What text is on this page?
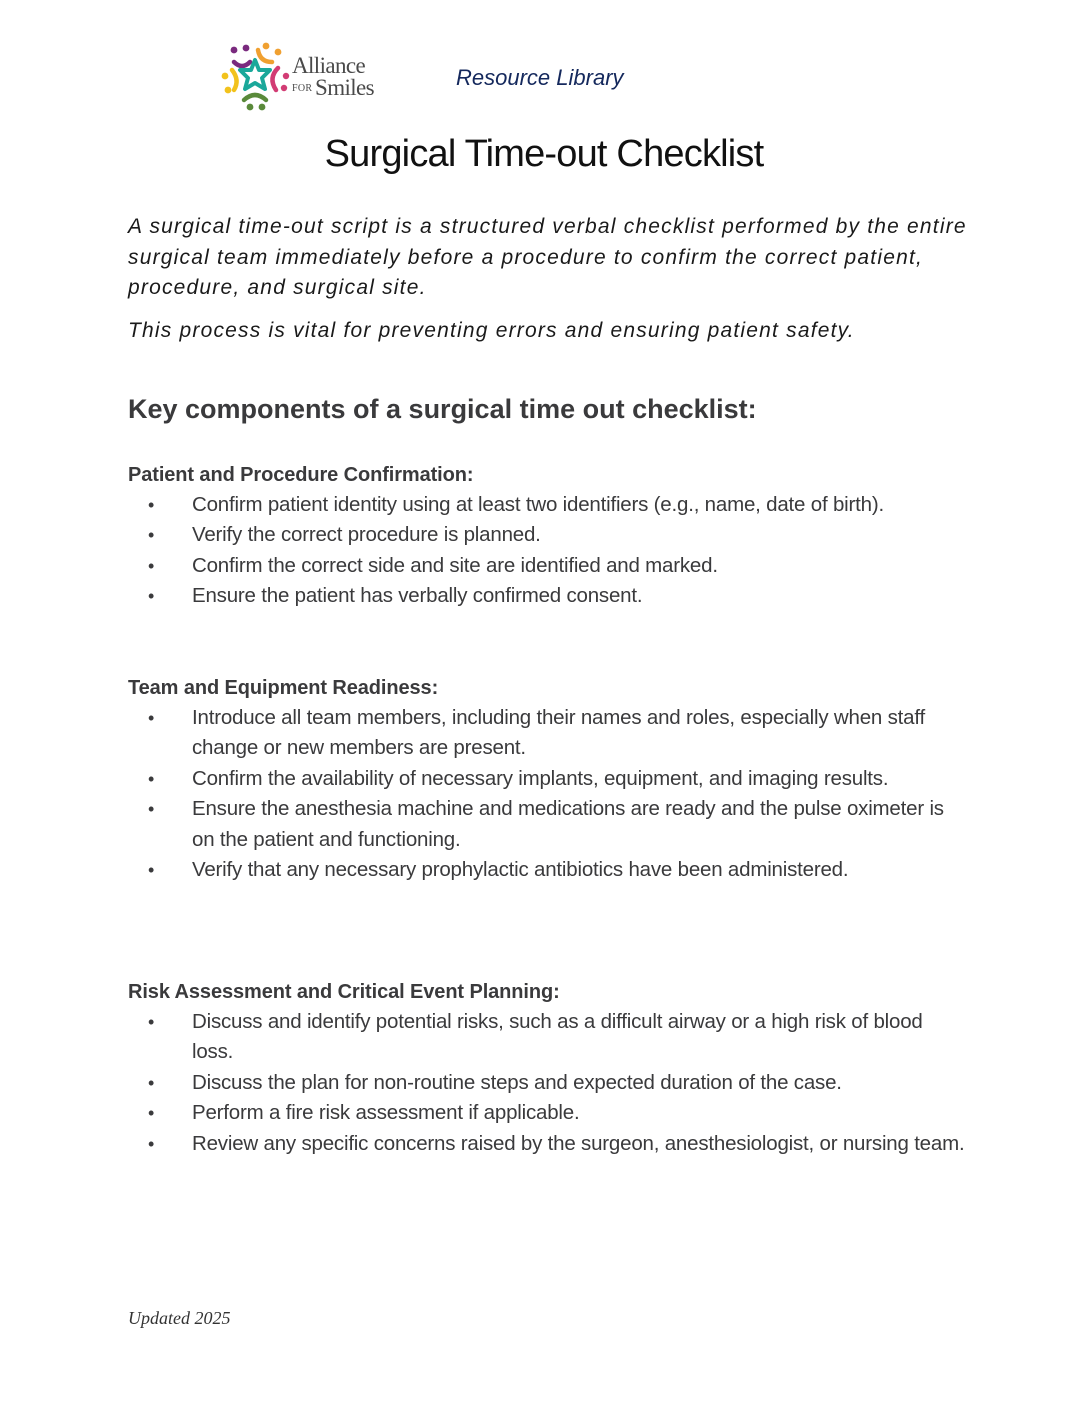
Alliance
FOR Smiles	Resource Library
Surgical Time-out Checklist

A surgical time-out script is a structured verbal checklist performed by the entire surgical team immediately before a procedure to confirm the correct patient, procedure, and surgical site.

This process is vital for preventing errors and ensuring patient safety.

Key components of a surgical time out checklist:
Patient and Procedure Confirmation:
• Confirm patient identity using at least two identifiers (e.g., name, date of birth).
• Verify the correct procedure is planned.
• Confirm the correct side and site are identified and marked.
• Ensure the patient has verbally confirmed consent.
Team and Equipment Readiness:
• Introduce all team members, including their names and roles, especially when staff change or new members are present.
• Confirm the availability of necessary implants, equipment, and imaging results.
• Ensure the anesthesia machine and medications are ready and the pulse oximeter is on the patient and functioning.
• Verify that any necessary prophylactic antibiotics have been administered.
Risk Assessment and Critical Event Planning:
• Discuss and identify potential risks, such as a difficult airway or a high risk of blood loss.
• Discuss the plan for non-routine steps and expected duration of the case.
• Perform a fire risk assessment if applicable.
• Review any specific concerns raised by the surgeon, anesthesiologist, or nursing team.
Updated 2025
